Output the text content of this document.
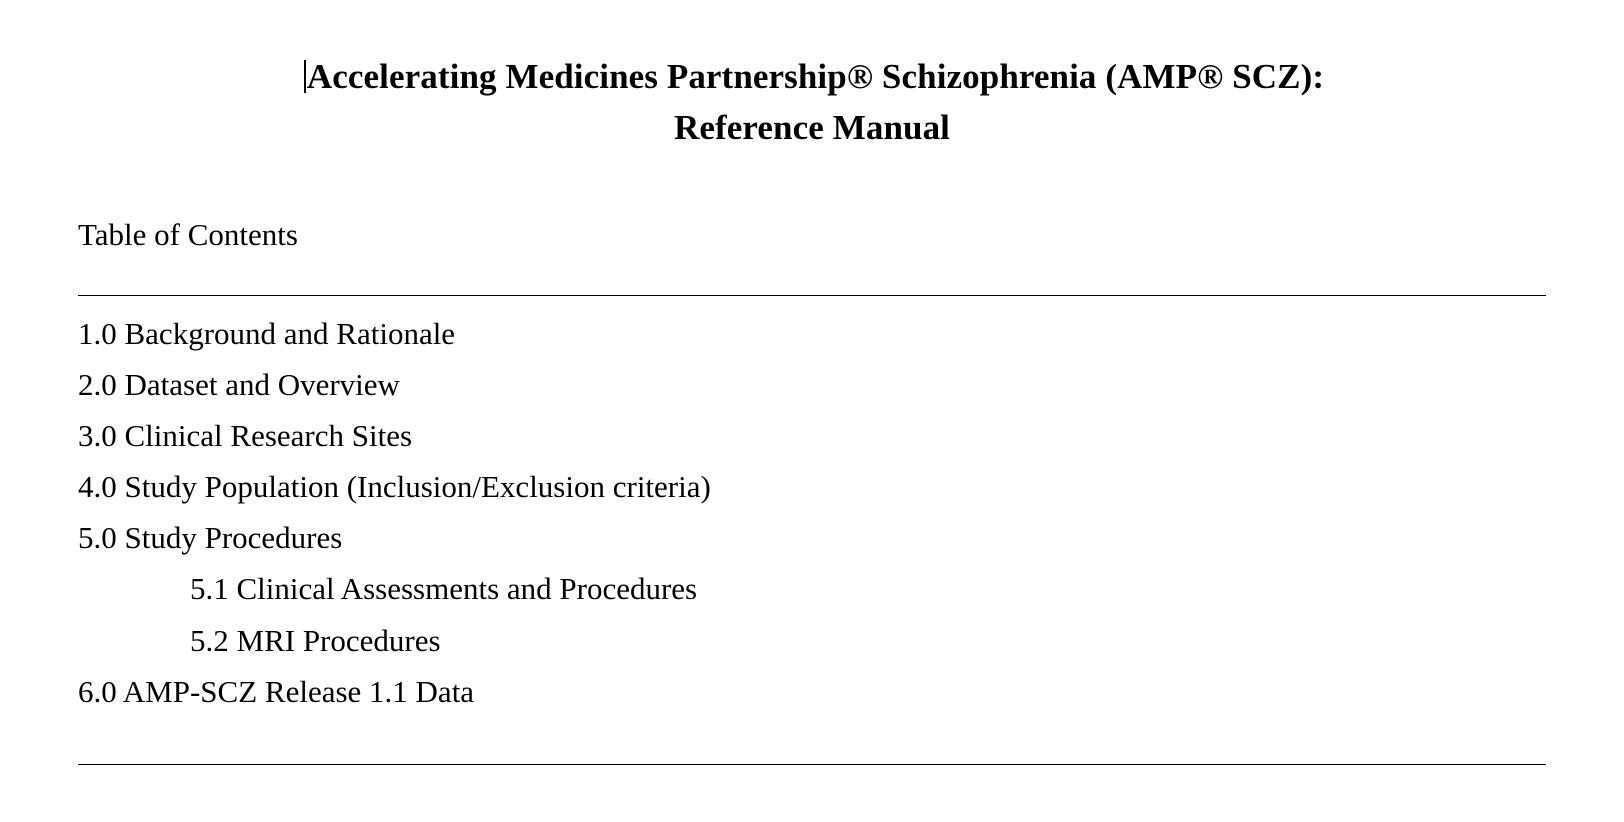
Accelerating Medicines Partnership® Schizophrenia (AMP® SCZ):
Reference Manual
Table of Contents
1.0 Background and Rationale
2.0 Dataset and Overview
3.0 Clinical Research Sites
4.0 Study Population (Inclusion/Exclusion criteria)
5.0 Study Procedures
5.1 Clinical Assessments and Procedures
5.2 MRI Procedures
6.0 AMP-SCZ Release 1.1 Data
